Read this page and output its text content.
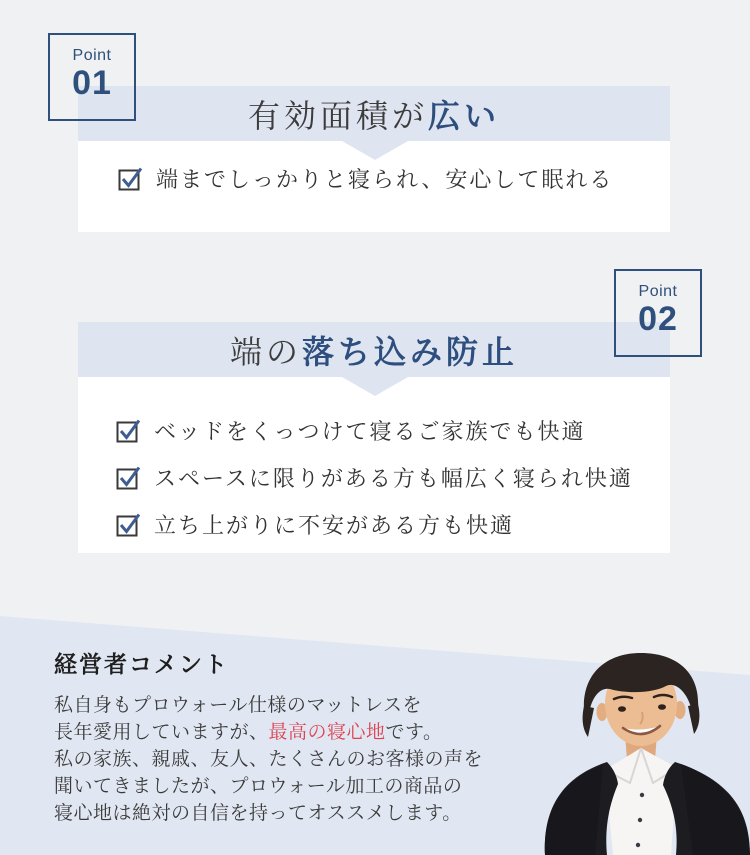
Point
01
有効面積が 広い
端までしっかりと寝られ、安心して眠れる
Point
02
端の 落ち込み防止
ベッドをくっつけて寝るご家族でも快適
スペースに限りがある方も幅広く寝られ快適
立ち上がりに不安がある方も快適
経営者コメント

私自身もプロウォール仕様のマットレスを
長年愛用していますが、最高の寝心地です。
私の家族、親戚、友人、たくさんのお客様の声を
聞いてきましたが、プロウォール加工の商品の
寝心地は絶対の自信を持ってオススメします。
